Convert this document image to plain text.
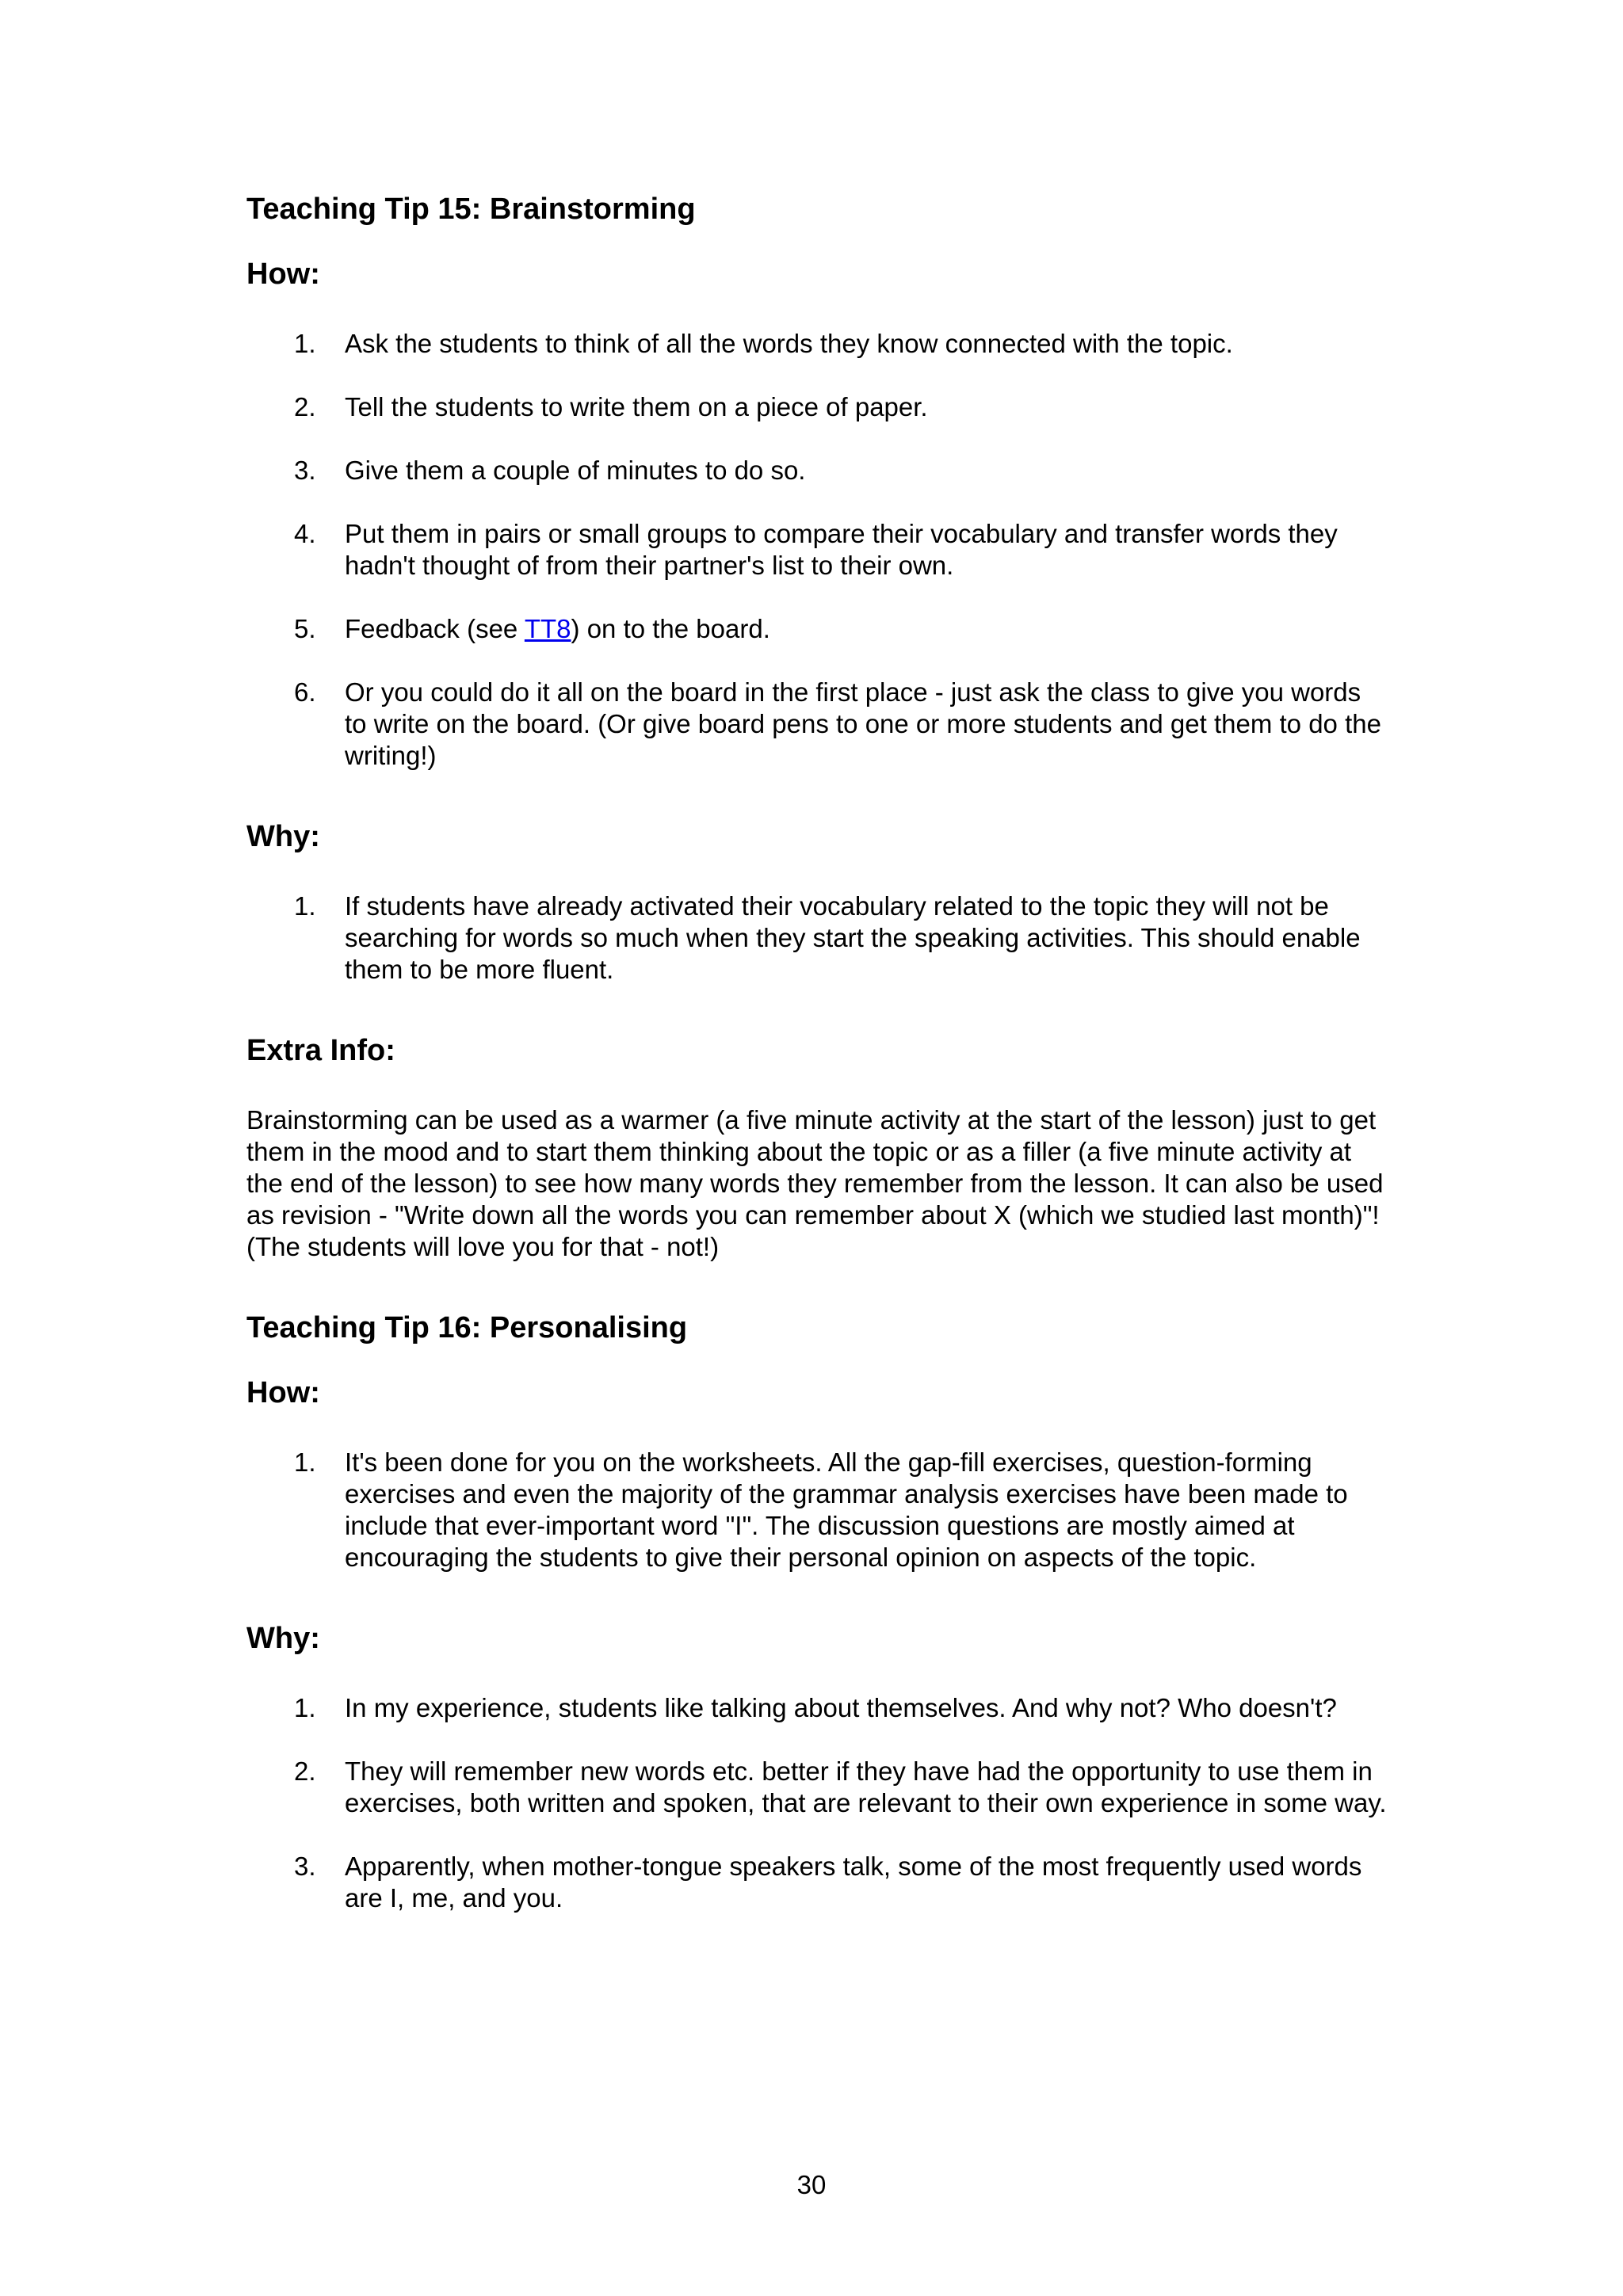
Teaching Tip 15: Brainstorming
How:
1.	Ask the students to think of all the words they know connected with the topic.
2.	Tell the students to write them on a piece of paper.
3.	Give them a couple of minutes to do so.
4.	Put them in pairs or small groups to compare their vocabulary and transfer words they hadn't thought of from their partner's list to their own.
5.	Feedback (see TT8) on to the board.
6.	Or you could do it all on the board in the first place - just ask the class to give you words to write on the board. (Or give board pens to one or more students and get them to do the writing!)
Why:
1.	If students have already activated their vocabulary related to the topic they will not be searching for words so much when they start the speaking activities. This should enable them to be more fluent.
Extra Info:

Brainstorming can be used as a warmer (a five minute activity at the start of the lesson) just to get them in the mood and to start them thinking about the topic or as a filler (a five minute activity at the end of the lesson) to see how many words they remember from the lesson. It can also be used as revision - "Write down all the words you can remember about X (which we studied last month)"! (The students will love you for that - not!)

Teaching Tip 16: Personalising
How:
1.	It's been done for you on the worksheets. All the gap-fill exercises, question-forming exercises and even the majority of the grammar analysis exercises have been made to include that ever-important word "I". The discussion questions are mostly aimed at encouraging the students to give their personal opinion on aspects of the topic.
Why:
1.	In my experience, students like talking about themselves. And why not? Who doesn't?
2.	They will remember new words etc. better if they have had the opportunity to use them in exercises, both written and spoken, that are relevant to their own experience in some way.
3.	Apparently, when mother-tongue speakers talk, some of the most frequently used words are I, me, and you.
30
